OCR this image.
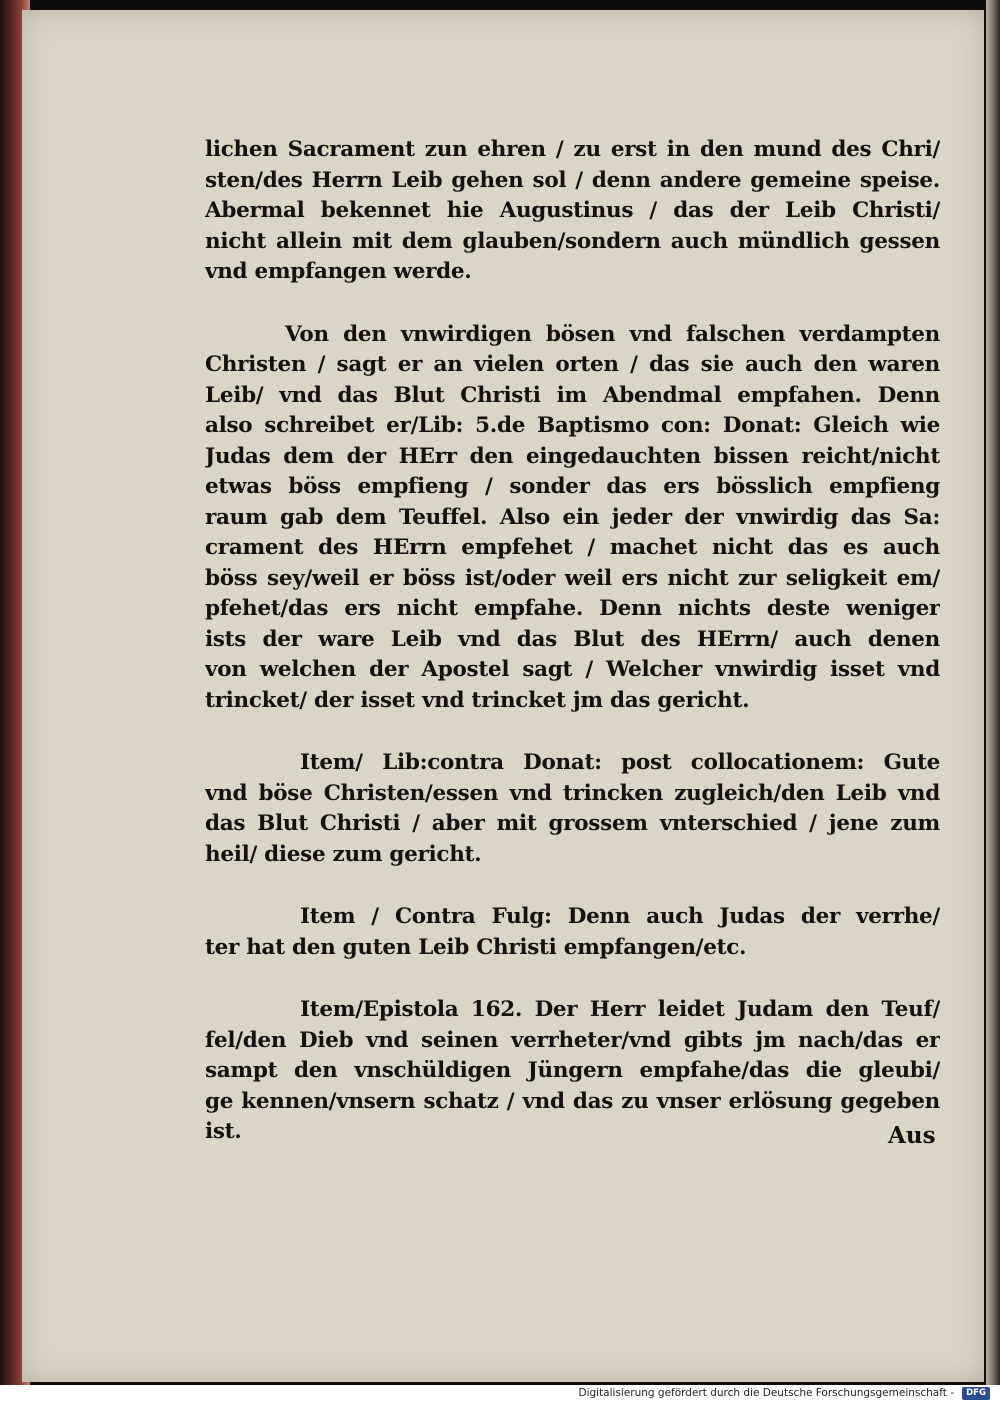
lichen Sacrament zun ehren / zu erst in den mund des Chri/
sten/des Herrn Leib gehen sol / denn andere gemeine speise.
Abermal bekennet hie Augustinus / das der Leib Christi/
nicht allein mit dem glauben/sondern auch mündlich gessen
vnd empfangen werde.
Von den vnwirdigen bösen vnd falschen verdampten
Christen / sagt er an vielen orten / das sie auch den waren
Leib/ vnd das Blut Christi im Abendmal empfahen. Denn
also schreibet er/Lib: 5.de Baptismo con: Donat: Gleich wie
Judas dem der HErr den eingedauchten bissen reicht/nicht
etwas böss empfieng / sonder das ers bösslich empfieng
raum gab dem Teuffel. Also ein jeder der vnwirdig das Sa:
crament des HErrn empfehet / machet nicht das es auch
böss sey/weil er böss ist/oder weil ers nicht zur seligkeit em/
pfehet/das ers nicht empfahe. Denn nichts deste weniger
ists der ware Leib vnd das Blut des HErrn/ auch denen
von welchen der Apostel sagt / Welcher vnwirdig isset vnd
trincket/ der isset vnd trincket jm das gericht.
Item/ Lib:contra Donat: post collocationem: Gute
vnd böse Christen/essen vnd trincken zugleich/den Leib vnd
das Blut Christi / aber mit grossem vnterschied / jene zum
heil/ diese zum gericht.
Item / Contra Fulg: Denn auch Judas der verrhe/
ter hat den guten Leib Christi empfangen/etc.
Item/Epistola 162. Der Herr leidet Judam den Teuf/
fel/den Dieb vnd seinen verrheter/vnd gibts jm nach/das er
sampt den vnschüldigen Jüngern empfahe/das die gleubi/
ge kennen/vnsern schatz / vnd das zu vnser erlösung gegeben
ist.	Aus
Digitalisierung gefördert durch die Deutsche Forschungsgemeinschaft -	DFG
